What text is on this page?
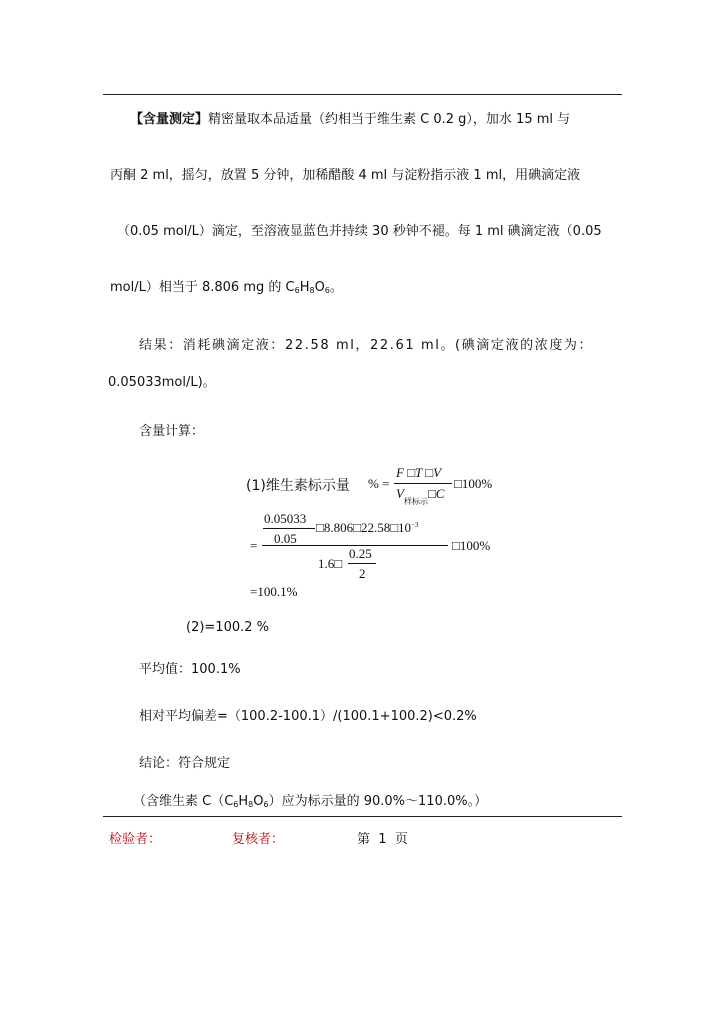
【含量测定】精密量取本品适量（约相当于维生素 C 0.2 g），加水 15 ml 与
丙酮 2 ml，摇匀，放置 5 分钟，加稀醋酸 4 ml 与淀粉指示液 1 ml，用碘滴定液
（0.05 mol/L）滴定，至溶液显蓝色并持续 30 秒钟不褪。每 1 ml 碘滴定液（0.05
mol/L）相当于 8.806 mg 的 $C_6H_8O_6$。
结果：消耗碘滴定液：22.58 ml，22.61 ml。(碘滴定液的浓度为：
0.05033mol/L)。
含量计算：
(1)维生素标示量 % =
F □T □V
$V_{样标示}□C$
□100%
0.05033
0.05
$□8.806□22.58□10^{-3}$
=	□100%
1.6□
0.25
2
=100.1%
(2)=100.2 %
平均值：100.1%
相对平均偏差=（100.2-100.1）/(100.1+100.2)<0.2%
结论：符合规定
（含维生素 $C(C_6H_8O_6)$应为标示量的 90.0%～110.0%。）
检验者：	复核者：	第 1 页
